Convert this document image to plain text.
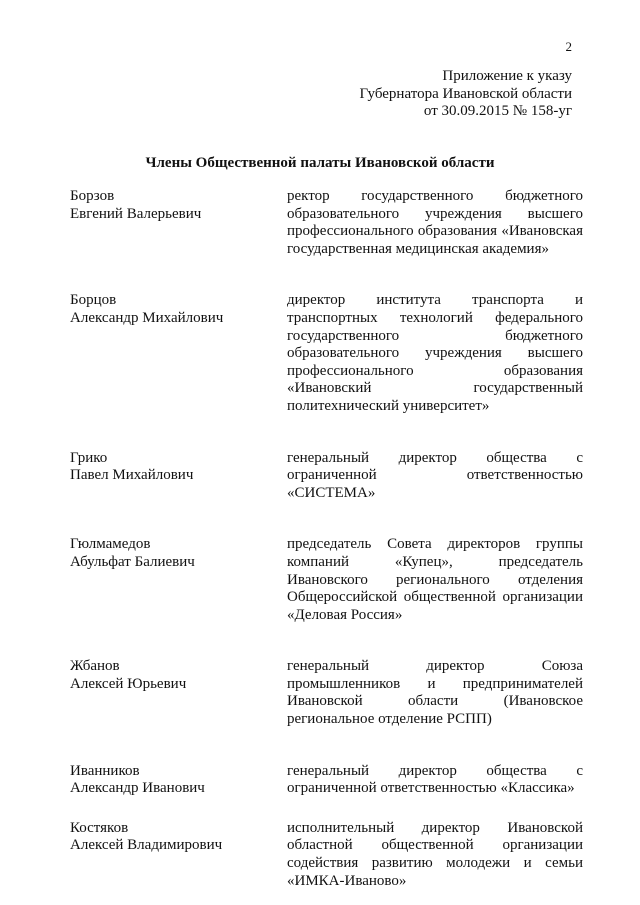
2
Приложение к указу
Губернатора Ивановской области
от 30.09.2015 № 158-уг
Члены Общественной палаты Ивановской области
Борзов
Евгений Валерьевич
ректор государственного бюджетного образовательного учреждения высшего профессионального образования «Ивановская государственная медицинская академия»
Борцов
Александр Михайлович
директор института транспорта и транспортных технологий федерального государственного бюджетного образовательного учреждения высшего профессионального образования «Ивановский государственный политехнический университет»
Грико
Павел Михайлович
генеральный директор общества с ограниченной ответственностью «СИСТЕМА»
Гюлмамедов
Абульфат Балиевич
председатель Совета директоров группы компаний «Купец», председатель Ивановского регионального отделения Общероссийской общественной организации «Деловая Россия»
Жбанов
Алексей Юрьевич
генеральный директор Союза промышленников и предпринимателей Ивановской области (Ивановское региональное отделение РСПП)
Иванников
Александр Иванович
генеральный директор общества с ограниченной ответственностью «Классика»
Костяков
Алексей Владимирович
исполнительный директор Ивановской областной общественной организации содействия развитию молодежи и семьи «ИМКА-Иваново»
